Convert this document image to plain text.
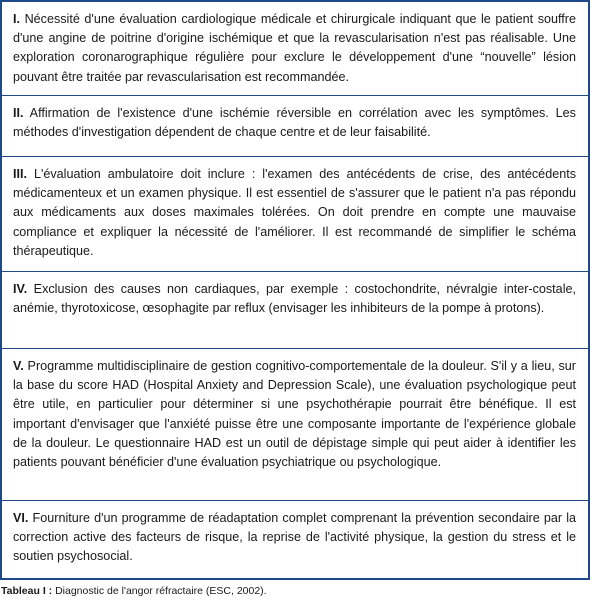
I. Nécessité d'une évaluation cardiologique médicale et chirurgicale indiquant que le patient souffre d'une angine de poitrine d'origine ischémique et que la revascularisation n'est pas réalisable. Une exploration coronarographique régulière pour exclure le développement d'une “nouvelle” lésion pouvant être traitée par revascularisation est recommandée.

II. Affirmation de l'existence d'une ischémie réversible en corrélation avec les symptômes. Les méthodes d'investigation dépendent de chaque centre et de leur faisabilité.

III. L'évaluation ambulatoire doit inclure : l'examen des antécédents de crise, des antécédents médicamenteux et un examen physique. Il est essentiel de s'assurer que le patient n'a pas répondu aux médicaments aux doses maximales tolérées. On doit prendre en compte une mauvaise compliance et expliquer la nécessité de l'améliorer. Il est recommandé de simplifier le schéma thérapeutique.

IV. Exclusion des causes non cardiaques, par exemple : costochondrite, névralgie inter-costale, anémie, thyrotoxicose, œsophagite par reflux (envisager les inhibiteurs de la pompe à protons).

V. Programme multidisciplinaire de gestion cognitivo-comportementale de la douleur. S'il y a lieu, sur la base du score HAD (Hospital Anxiety and Depression Scale), une évaluation psychologique peut être utile, en particulier pour déterminer si une psychothérapie pourrait être bénéfique. Il est important d'envisager que l'anxiété puisse être une composante importante de l'expérience globale de la douleur. Le questionnaire HAD est un outil de dépistage simple qui peut aider à identifier les patients pouvant bénéficier d'une évaluation psychiatrique ou psychologique.

VI. Fourniture d'un programme de réadaptation complet comprenant la prévention secondaire par la correction active des facteurs de risque, la reprise de l'activité physique, la gestion du stress et le soutien psychosocial.

Tableau I : Diagnostic de l'angor réfractaire (ESC, 2002).
